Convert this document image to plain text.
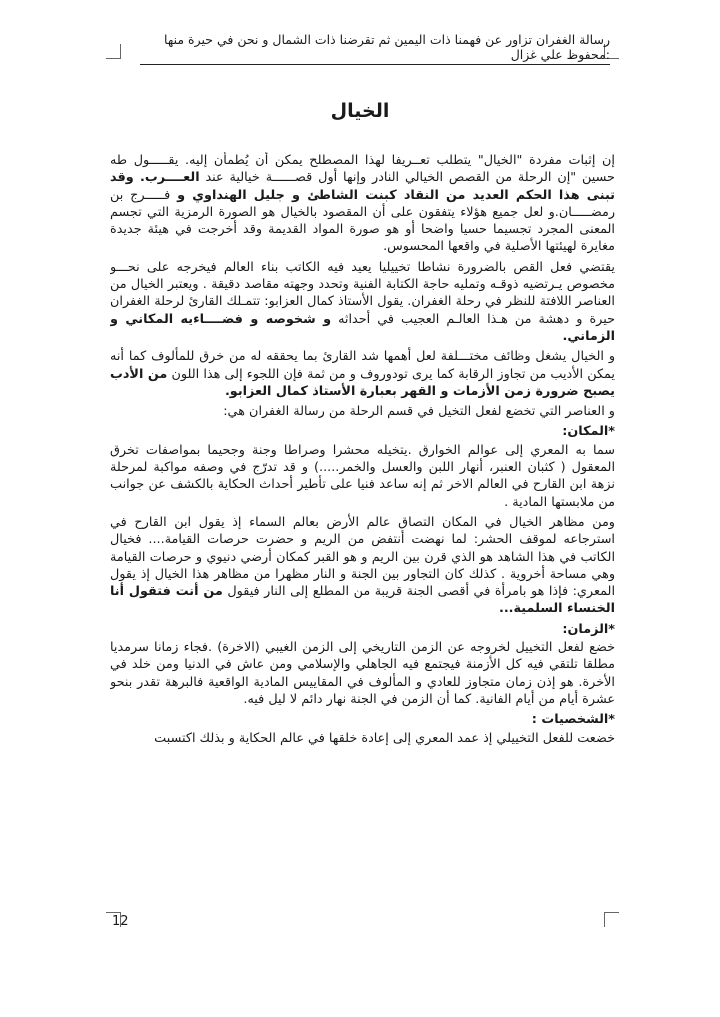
رسالة الغفران تزاور عن فهمنا ذات اليمين ثم تقرضنا ذات الشمال و نحن في حيرة منها :محفوظ علي غزال
الخيال

إن إثبات مفردة "الخيال" يتطلب تعــريفا لهذا المصطلح يمكن أن يُطمأن إليه. يقـــــول طه حسين "إن الرحلة من القصص الخيالي النادر وإنها أول قصــــــة خيالية عند العــــرب. وقد تبنى هذا الحكم العديد من النقاد كبنت الشاطئ و جليل الهنداوي و فـــــرج بن رمضـــــان.و لعل جميع هؤلاء يتفقون على أن المقصود بالخيال هو الصورة الرمزية التي تجسم المعنى المجرد تجسيما حسيا واضحا أو هو صورة المواد القديمة وقد أخرجت في هيئة جديدة مغايرة لهيئتها الأصلية في واقعها المحسوس.

يقتضي فعل القص بالضرورة نشاطا تخييليا يعيد فيه الكاتب بناء العالم فيخرجه على نحـــو مخصوص يـرتضيه ذوقـه وتمليه حاجة الكتابة الفنية وتحدد وجهته مقاصد دقيقة . ويعتبر الخيال من العناصر اللافتة للنظر في رحلة الغفران. يقول الأستاذ كمال العزابو: تتمـلك القارئ لرحلة الغفران حيرة و دهشة من هـذا العالـم العجيب في أحداثه و شخوصه و فضــــاءيه المكاني و الزماني.

و الخيال يشغل وظائف مختـــلفة لعل أهمها شد القارئ بما يحققه له من خرق للمألوف كما أنه يمكن الأديب من تجاوز الرقابة كما يرى تودوروف و من ثمة فإن اللجوء إلى هذا اللون من الأدب يصبح ضرورة زمن الأزمات و القهر بعبارة الأستاذ كمال العزابو.

و العناصر التي تخضع لفعل التخيل في قسم الرحلة من رسالة الغفران هي:

*المكان:

سما به المعري إلى عوالم الخوارق .يتخيله محشرا وصراطا وجنة وجحيما بمواصفات تخرق المعقول ( كثبان العنبر، أنهار اللبن والعسل والخمر.....) و قد تدرّج في وصفه مواكبة لمرحلة نزهة ابن القارح في العالم الاخر ثم إنه ساعد فنيا على تأطير أحداث الحكاية بالكشف عن جوانب من ملابستها المادية .

ومن مظاهر الخيال في المكان التصاق عالم الأرض بعالم السماء إذ يقول ابن القارح في استرجاعه لموقف الحشر: لما نهضت أنتفض من الريم و حضرت حرصات القيامة.... فخيال الكاتب في هذا الشاهد هو الذي قرن بين الريم و هو القبر كمكان أرضي دنيوي و حرصات القيامة وهي مساحة أخروية . كذلك كان التجاور بين الجنة و النار مظهرا من مظاهر هذا الخيال إذ يقول المعري: فإذا هو بامرأة في أقصى الجنة قريبة من المطلع إلى النار فيقول من أنت فتقول أنا الخنساء السلمية...

*الزمان:

خضع لفعل التخييل لخروجه عن الزمن التاريخي إلى الزمن الغيبي (الاخرة) .فجاء زمانا سرمديا مطلقا تلتقي فيه كل الأزمنة فيجتمع فيه الجاهلي والإسلامي ومن عاش في الدنيا ومن خلد في الأخرة. هو إذن زمان متجاوز للعادي و المألوف في المقاييس المادية الواقعية فالبرهة تقدر بنحو عشرة أيام من أيام الفانية. كما أن الزمن في الجنة نهار دائم لا ليل فيه.

*الشخصيات :

خضعت للفعل التخييلي إذ عمد المعري إلى إعادة خلقها في عالم الحكاية و بذلك اكتسبت

12
